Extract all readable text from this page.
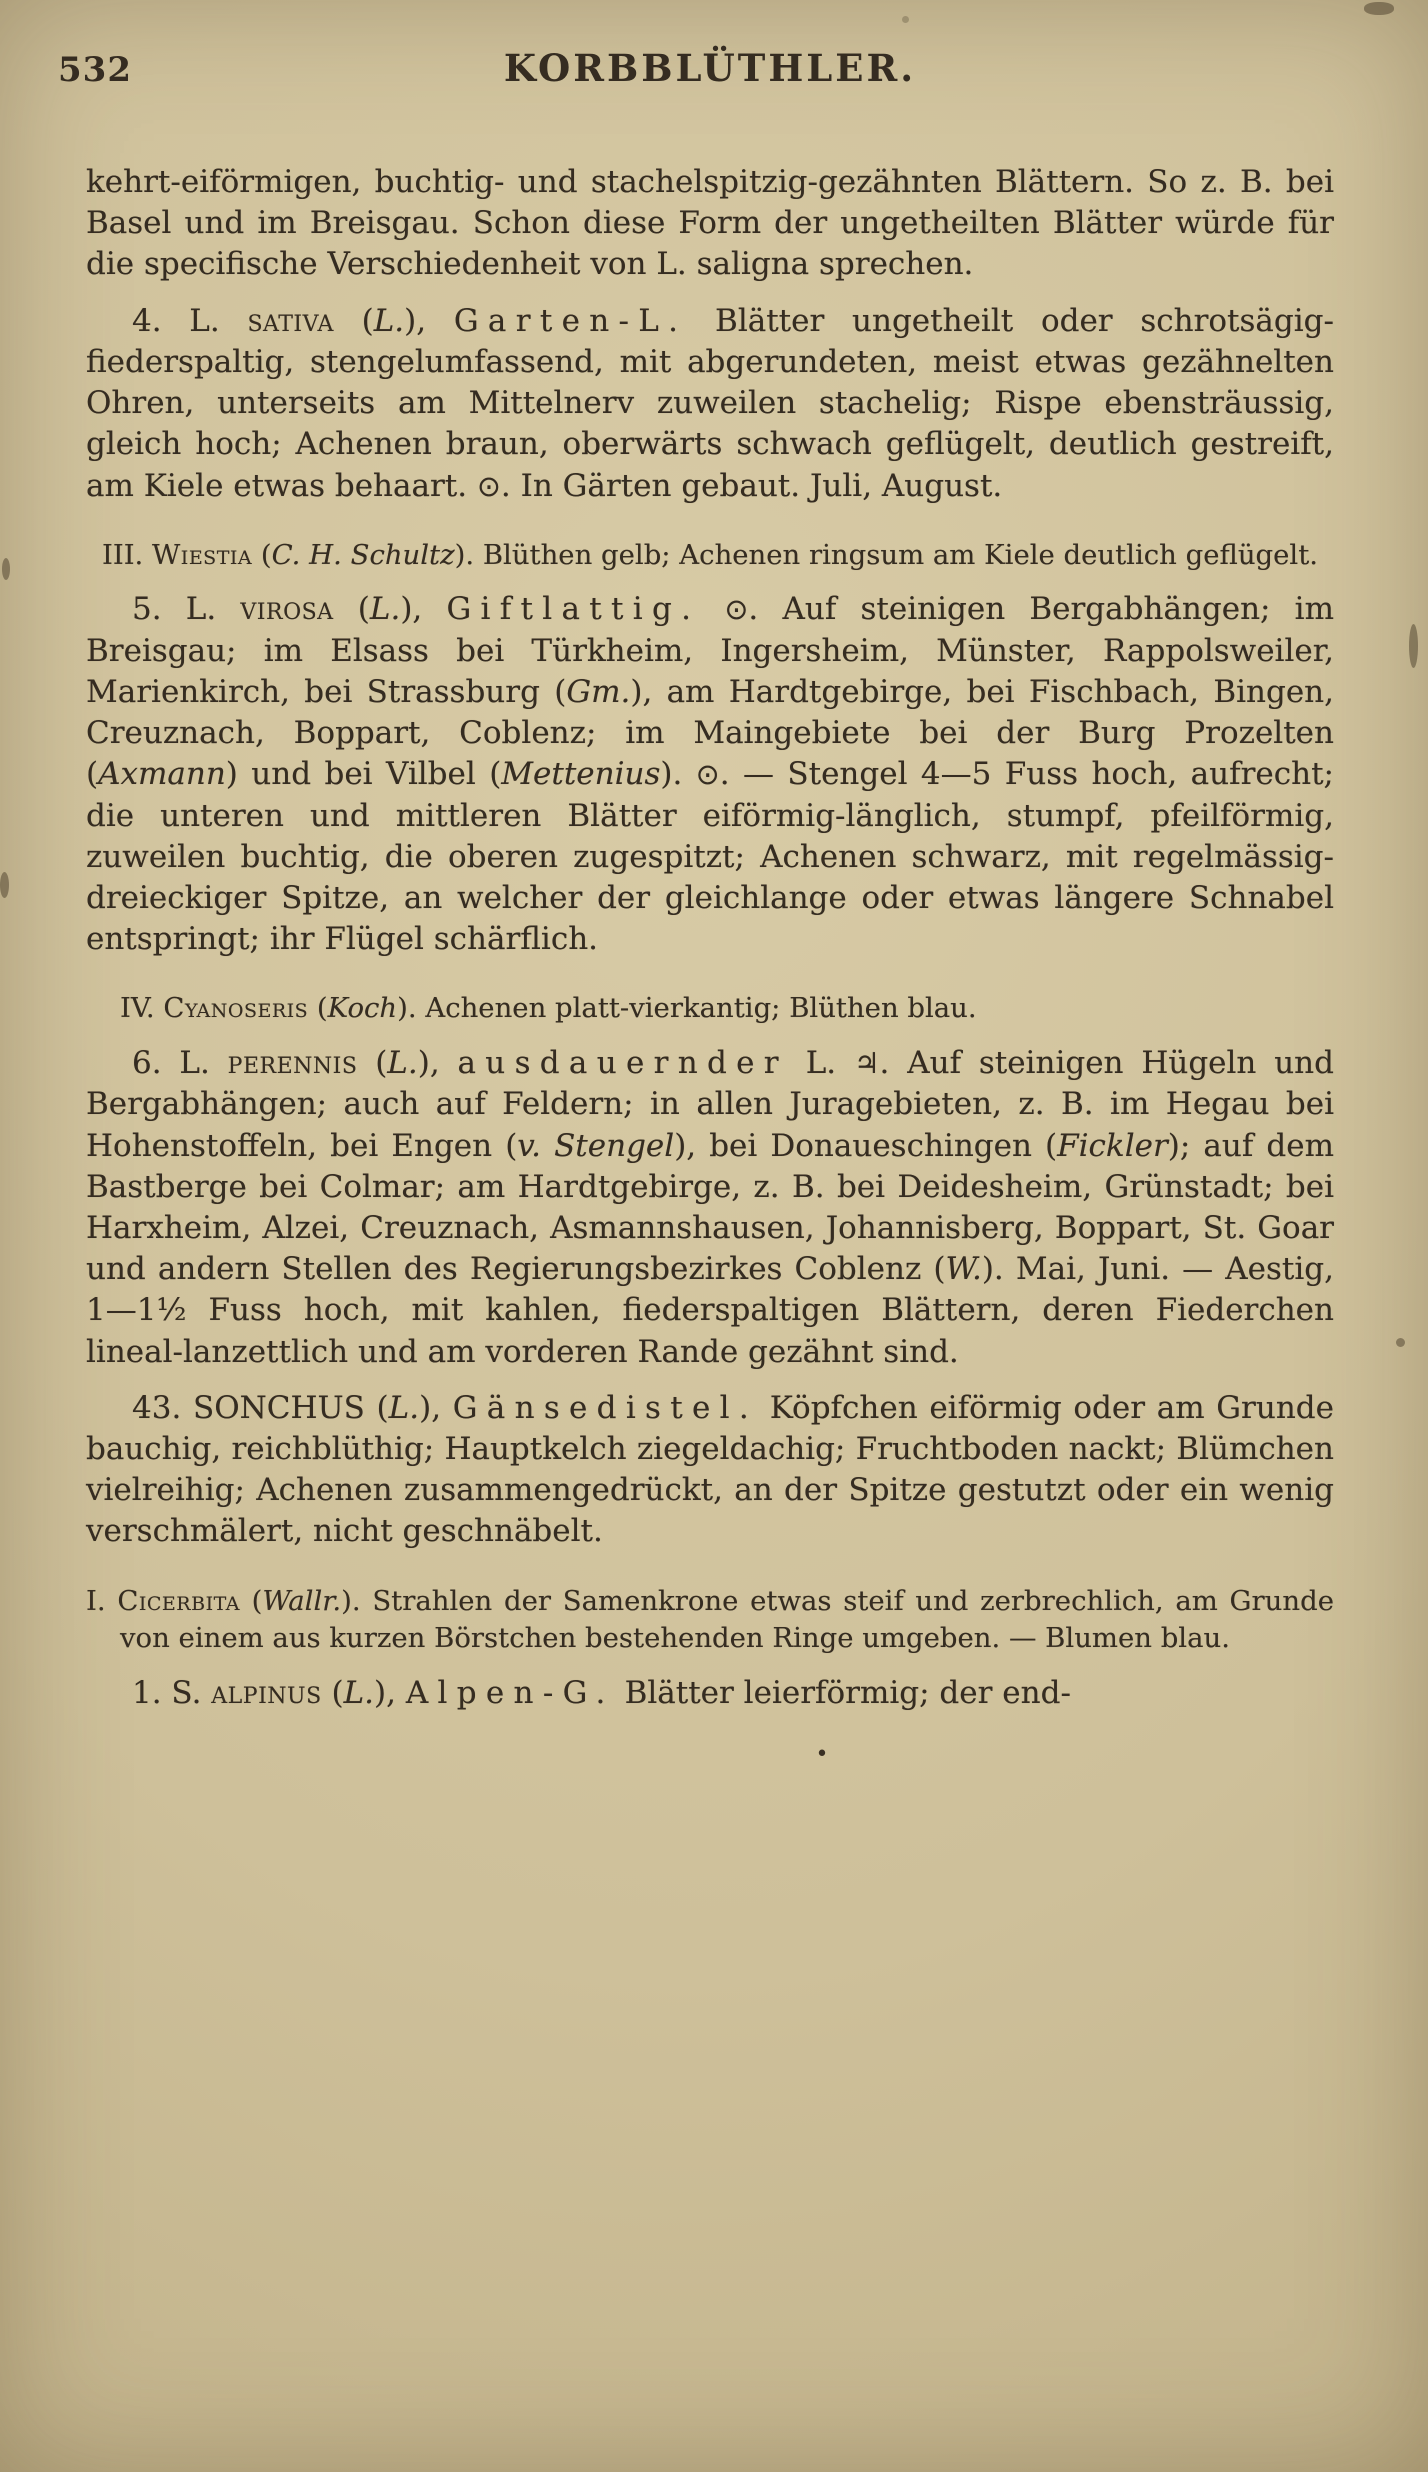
532	KORBBLÜTHLER.

kehrt-eiförmigen, buchtig- und stachelspitzig-gezähnten Blättern. So z. B. bei Basel und im Breisgau. Schon diese Form der ungetheilten Blätter würde für die specifische Verschiedenheit von L. saligna sprechen.

4. L. sativa (L.), Garten-L. Blätter ungetheilt oder schrotsägig-fiederspaltig, stengelumfassend, mit abgerundeten, meist etwas gezähnelten Ohren, unterseits am Mittelnerv zuweilen stachelig; Rispe ebensträussig, gleich hoch; Achenen braun, oberwärts schwach geflügelt, deutlich gestreift, am Kiele etwas behaart. ⊙. In Gärten gebaut. Juli, August.

III. Wiestia (C. H. Schultz). Blüthen gelb; Achenen ringsum am Kiele deutlich geflügelt.

5. L. virosa (L.), Giftlattig. ⊙. Auf steinigen Bergabhängen; im Breisgau; im Elsass bei Türkheim, Ingersheim, Münster, Rappolsweiler, Marienkirch, bei Strassburg (Gm.), am Hardtgebirge, bei Fischbach, Bingen, Creuznach, Boppart, Coblenz; im Maingebiete bei der Burg Prozelten (Axmann) und bei Vilbel (Mettenius). ⊙. — Stengel 4—5 Fuss hoch, aufrecht; die unteren und mittleren Blätter eiförmig-länglich, stumpf, pfeilförmig, zuweilen buchtig, die oberen zugespitzt; Achenen schwarz, mit regelmässig-dreieckiger Spitze, an welcher der gleichlange oder etwas längere Schnabel entspringt; ihr Flügel schärflich.

IV. Cyanoseris (Koch). Achenen platt-vierkantig; Blüthen blau.

6. L. perennis (L.), ausdauernder L. ♃. Auf steinigen Hügeln und Bergabhängen; auch auf Feldern; in allen Juragebieten, z. B. im Hegau bei Hohenstoffeln, bei Engen (v. Stengel), bei Donaueschingen (Fickler); auf dem Bastberge bei Colmar; am Hardtgebirge, z. B. bei Deidesheim, Grünstadt; bei Harxheim, Alzei, Creuznach, Asmannshausen, Johannisberg, Boppart, St. Goar und andern Stellen des Regierungsbezirkes Coblenz (W.). Mai, Juni. — Aestig, 1—1½ Fuss hoch, mit kahlen, fiederspaltigen Blättern, deren Fiederchen lineal-lanzettlich und am vorderen Rande gezähnt sind.

43. SONCHUS (L.), Gänsedistel. Köpfchen eiförmig oder am Grunde bauchig, reichblüthig; Hauptkelch ziegeldachig; Fruchtboden nackt; Blümchen vielreihig; Achenen zusammengedrückt, an der Spitze gestutzt oder ein wenig verschmälert, nicht geschnäbelt.

I. Cicerbita (Wallr.). Strahlen der Samenkrone etwas steif und zerbrechlich, am Grunde von einem aus kurzen Börstchen bestehenden Ringe umgeben. — Blumen blau.

1. S. alpinus (L.), Alpen-G. Blätter leierförmig; der end-

•
